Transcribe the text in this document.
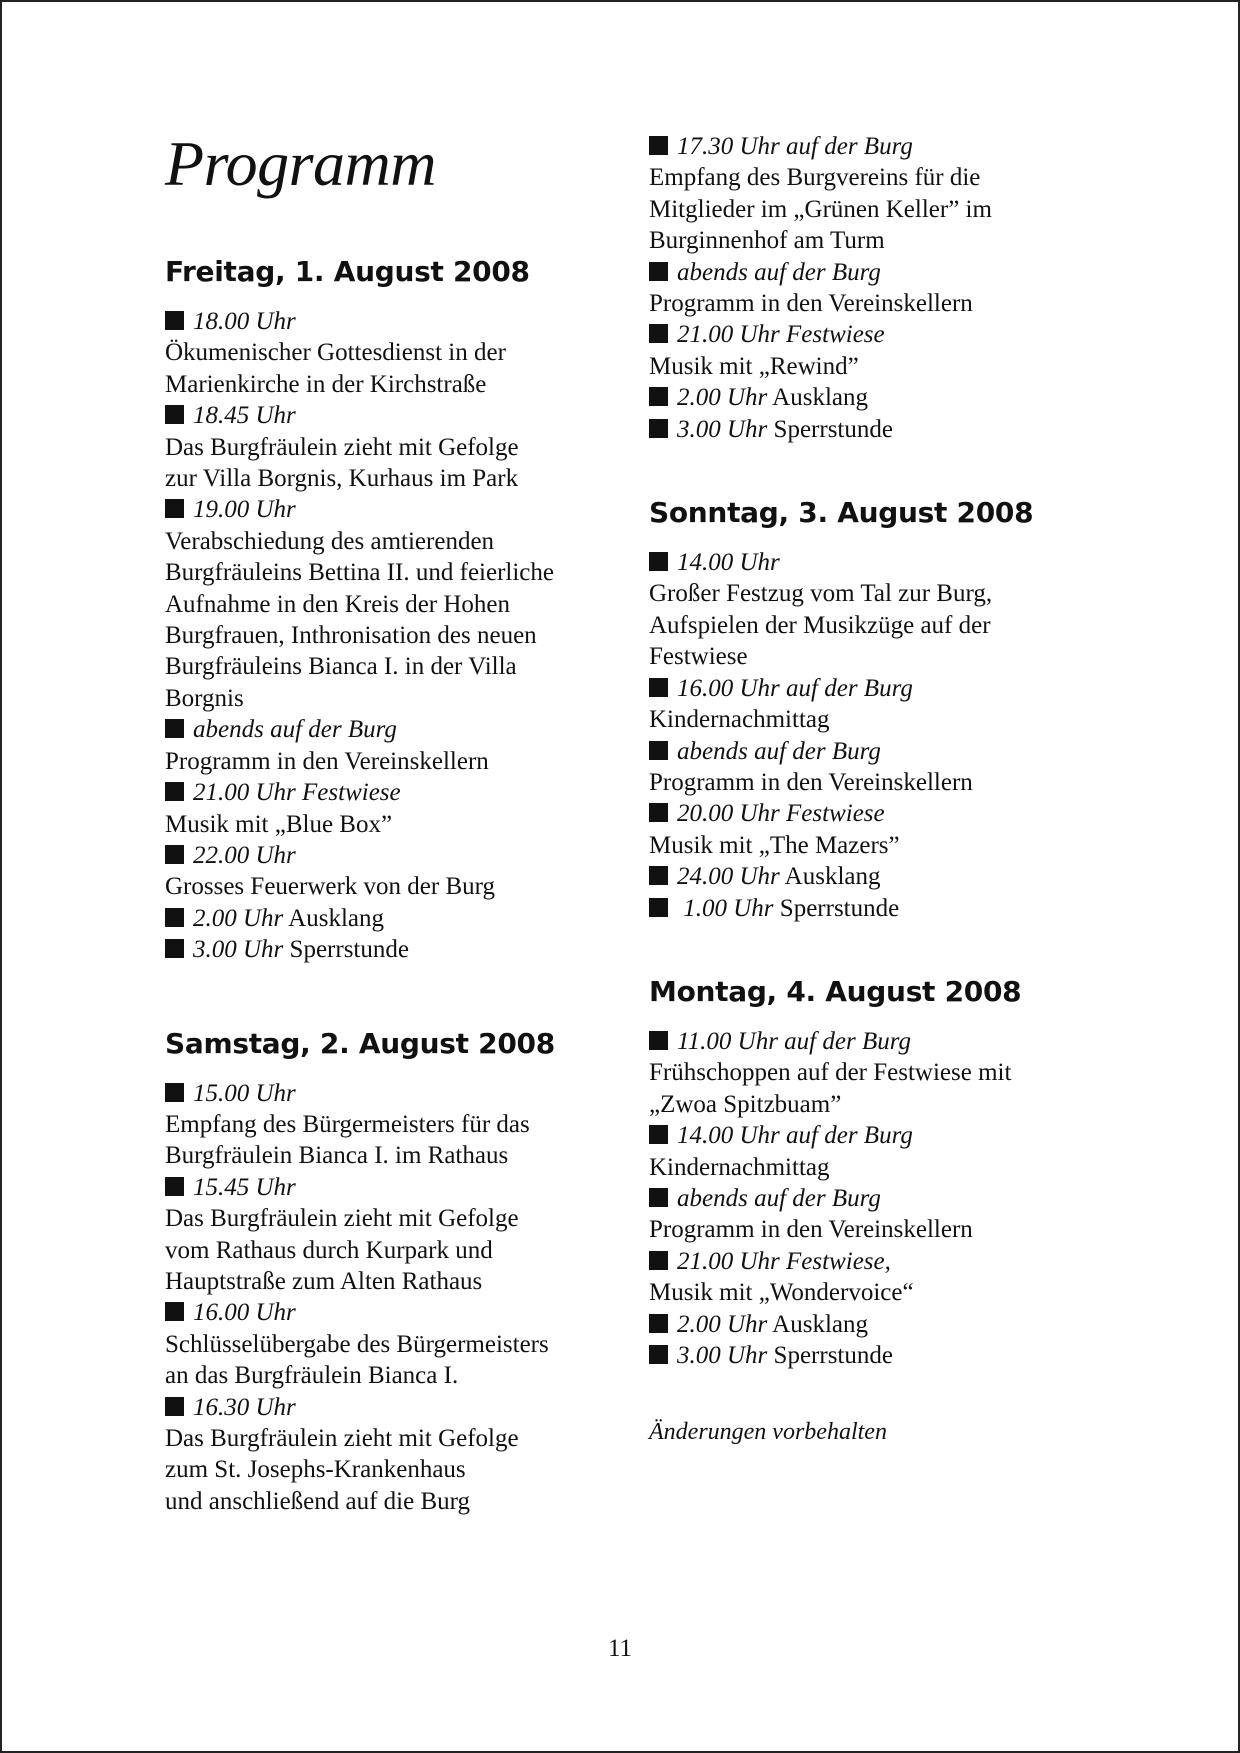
Programm
Freitag, 1. August 2008
18.00 Uhr
Ökumenischer Gottesdienst in der
Marienkirche in der Kirchstraße
18.45 Uhr
Das Burgfräulein zieht mit Gefolge
zur Villa Borgnis, Kurhaus im Park
19.00 Uhr
Verabschiedung des amtierenden
Burgfräuleins Bettina II. und feierliche
Aufnahme in den Kreis der Hohen
Burgfrauen, Inthronisation des neuen
Burgfräuleins Bianca I. in der Villa
Borgnis
abends auf der Burg
Programm in den Vereinskellern
21.00 Uhr Festwiese
Musik mit „Blue Box”
22.00 Uhr
Grosses Feuerwerk von der Burg
2.00 Uhr Ausklang
3.00 Uhr Sperrstunde
Samstag, 2. August 2008
15.00 Uhr
Empfang des Bürgermeisters für das
Burgfräulein Bianca I. im Rathaus
15.45 Uhr
Das Burgfräulein zieht mit Gefolge
vom Rathaus durch Kurpark und
Hauptstraße zum Alten Rathaus
16.00 Uhr
Schlüsselübergabe des Bürgermeisters
an das Burgfräulein Bianca I.
16.30 Uhr
Das Burgfräulein zieht mit Gefolge
zum St. Josephs-Krankenhaus
und anschließend auf die Burg
17.30 Uhr auf der Burg
Empfang des Burgvereins für die
Mitglieder im „Grünen Keller” im
Burginnenhof am Turm
abends auf der Burg
Programm in den Vereinskellern
21.00 Uhr Festwiese
Musik mit „Rewind”
2.00 Uhr Ausklang
3.00 Uhr Sperrstunde
Sonntag, 3. August 2008
14.00 Uhr
Großer Festzug vom Tal zur Burg,
Aufspielen der Musikzüge auf der
Festwiese
16.00 Uhr auf der Burg
Kindernachmittag
abends auf der Burg
Programm in den Vereinskellern
20.00 Uhr Festwiese
Musik mit „The Mazers”
24.00 Uhr Ausklang
1.00 Uhr Sperrstunde
Montag, 4. August 2008
11.00 Uhr auf der Burg
Frühschoppen auf der Festwiese mit
„Zwoa Spitzbuam”
14.00 Uhr auf der Burg
Kindernachmittag
abends auf der Burg
Programm in den Vereinskellern
21.00 Uhr Festwiese,
Musik mit „Wondervoice“
2.00 Uhr Ausklang
3.00 Uhr Sperrstunde
Änderungen vorbehalten
11
